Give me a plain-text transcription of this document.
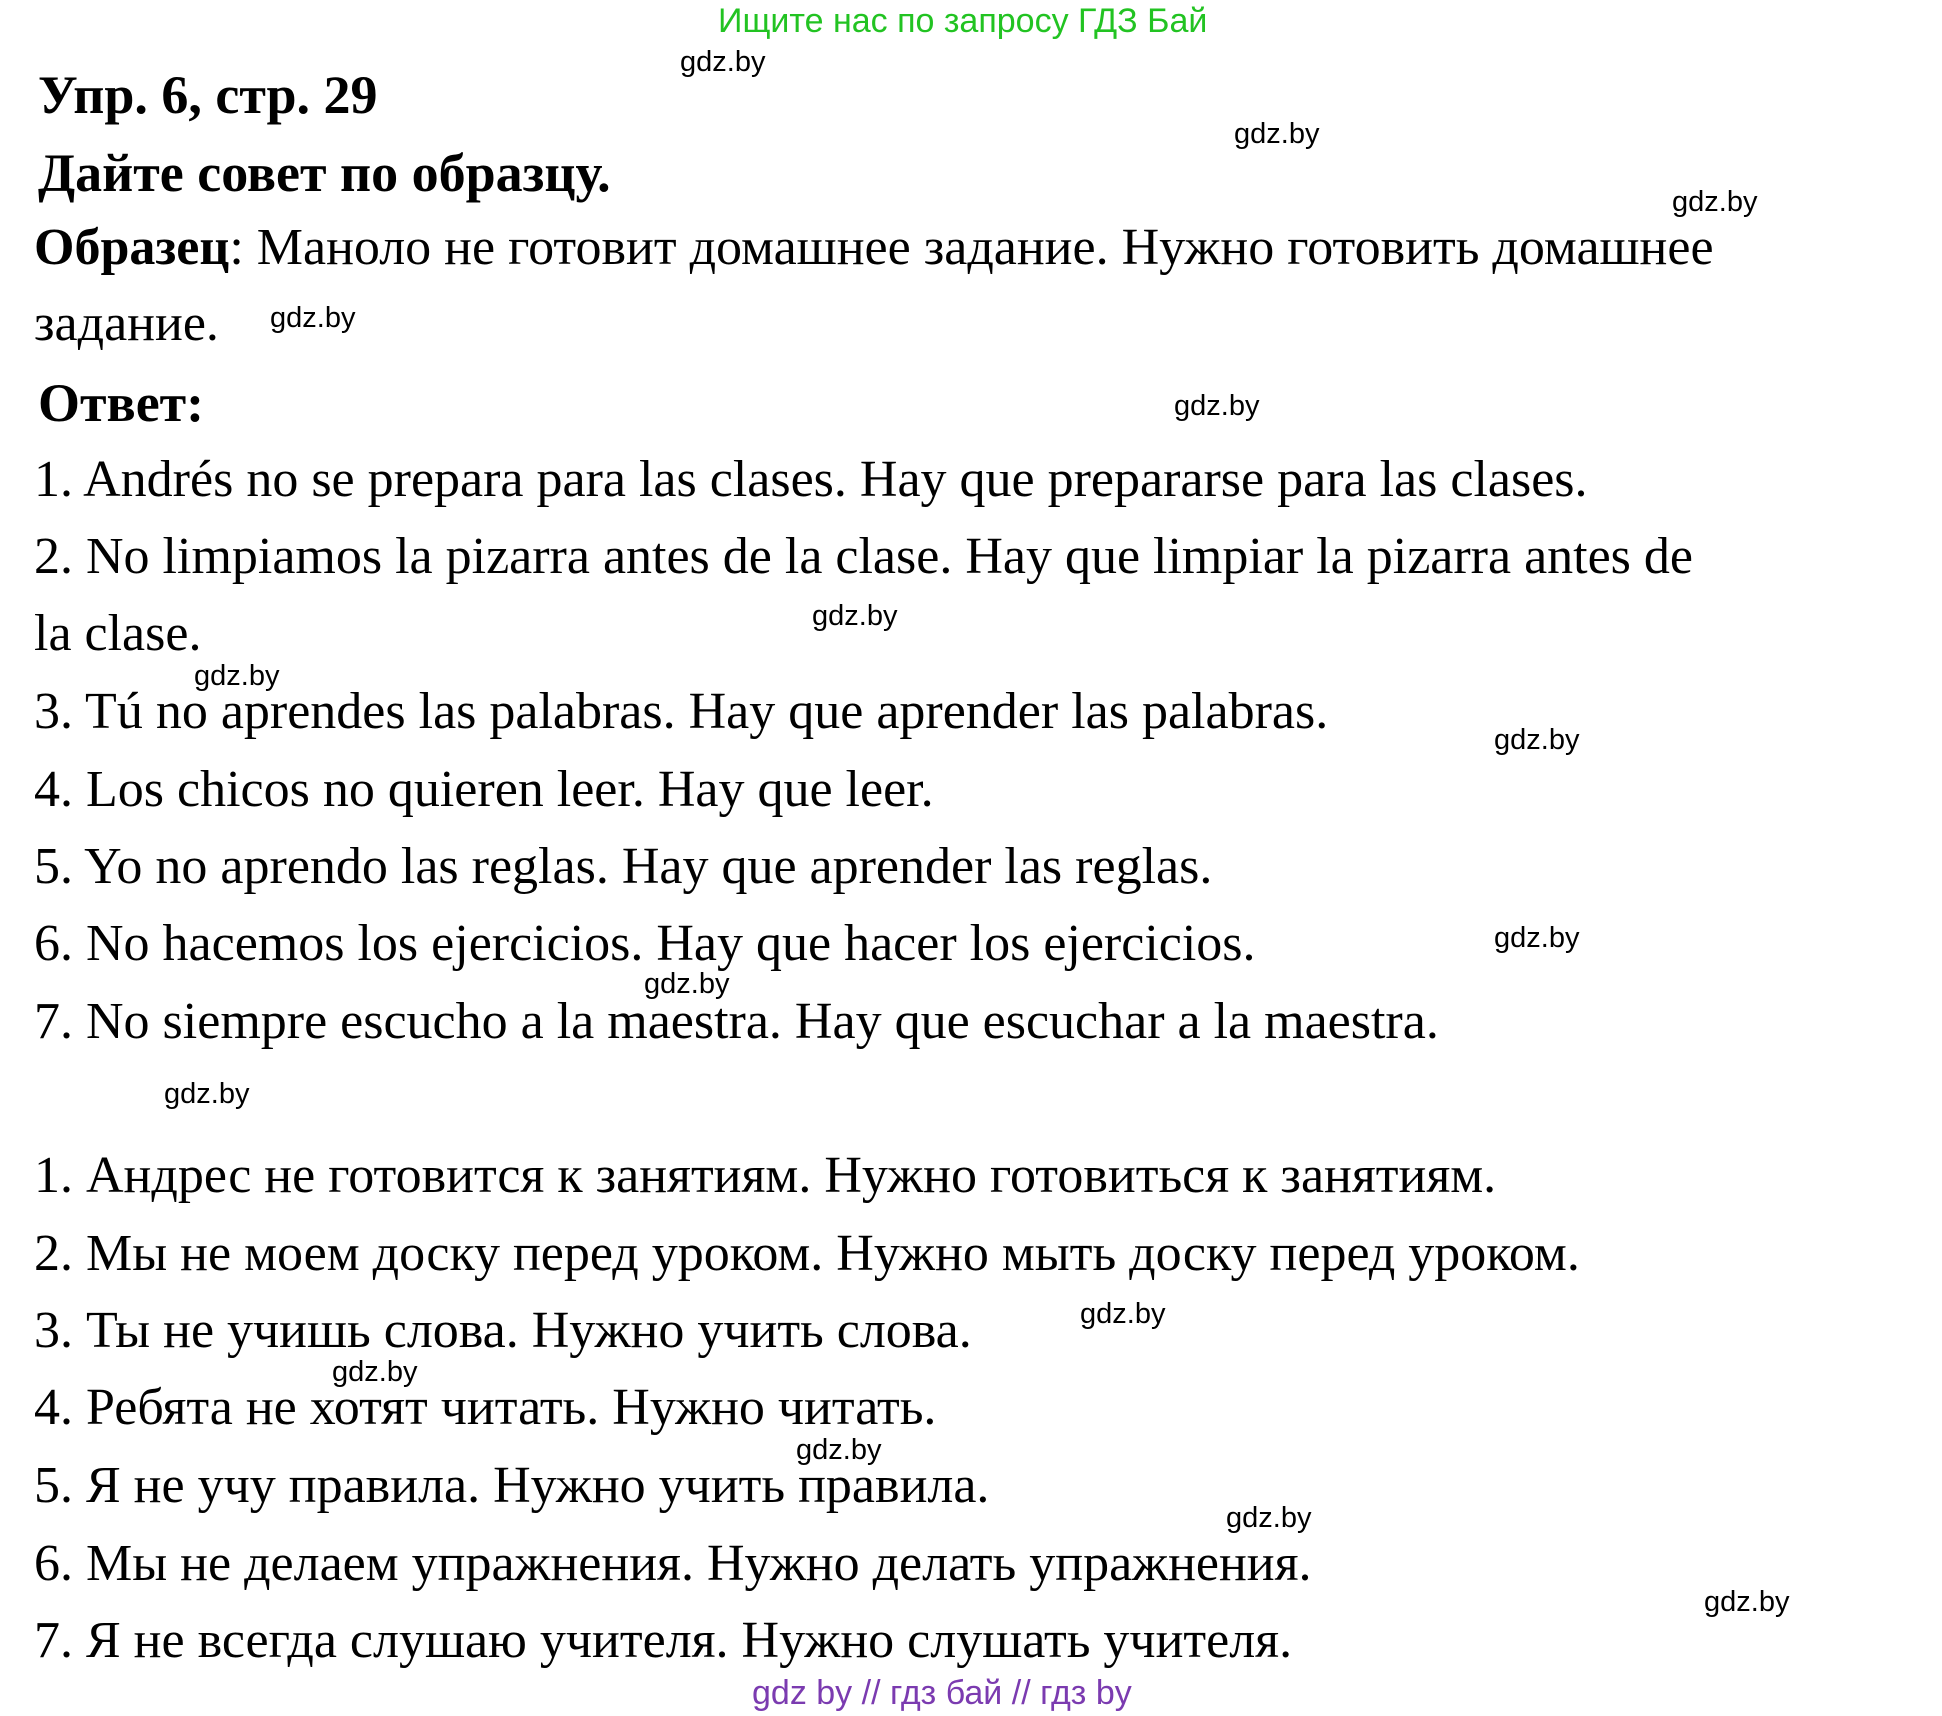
Ищите нас по запросу ГДЗ Бай
Упр. 6, стр. 29
Дайте совет по образцу.
Образец: Маноло не готовит домашнее задание. Нужно готовить домашнее
задание.
Ответ:
1. Andrés no se prepara para las clases. Hay que prepararse para las clases.
2. No limpiamos la pizarra antes de la clase. Hay que limpiar la pizarra antes de
la clase.
3. Tú no aprendes las palabras. Hay que aprender las palabras.
4. Los chicos no quieren leer. Hay que leer.
5. Yo no aprendo las reglas. Hay que aprender las reglas.
6. No hacemos los ejercicios. Hay que hacer los ejercicios.
7. No siempre escucho a la maestra. Hay que escuchar a la maestra.
1. Андрес не готовится к занятиям. Нужно готовиться к занятиям.
2. Мы не моем доску перед уроком. Нужно мыть доску перед уроком.
3. Ты не учишь слова. Нужно учить слова.
4. Ребята не хотят читать. Нужно читать.
5. Я не учу правила. Нужно учить правила.
6. Мы не делаем упражнения. Нужно делать упражнения.
7. Я не всегда слушаю учителя. Нужно слушать учителя.
gdz.by
gdz.by
gdz.by
gdz.by
gdz.by
gdz.by
gdz.by
gdz.by
gdz.by
gdz.by
gdz.by
gdz.by
gdz.by
gdz.by
gdz.by
gdz.by
gdz by // гдз бай // гдз by
